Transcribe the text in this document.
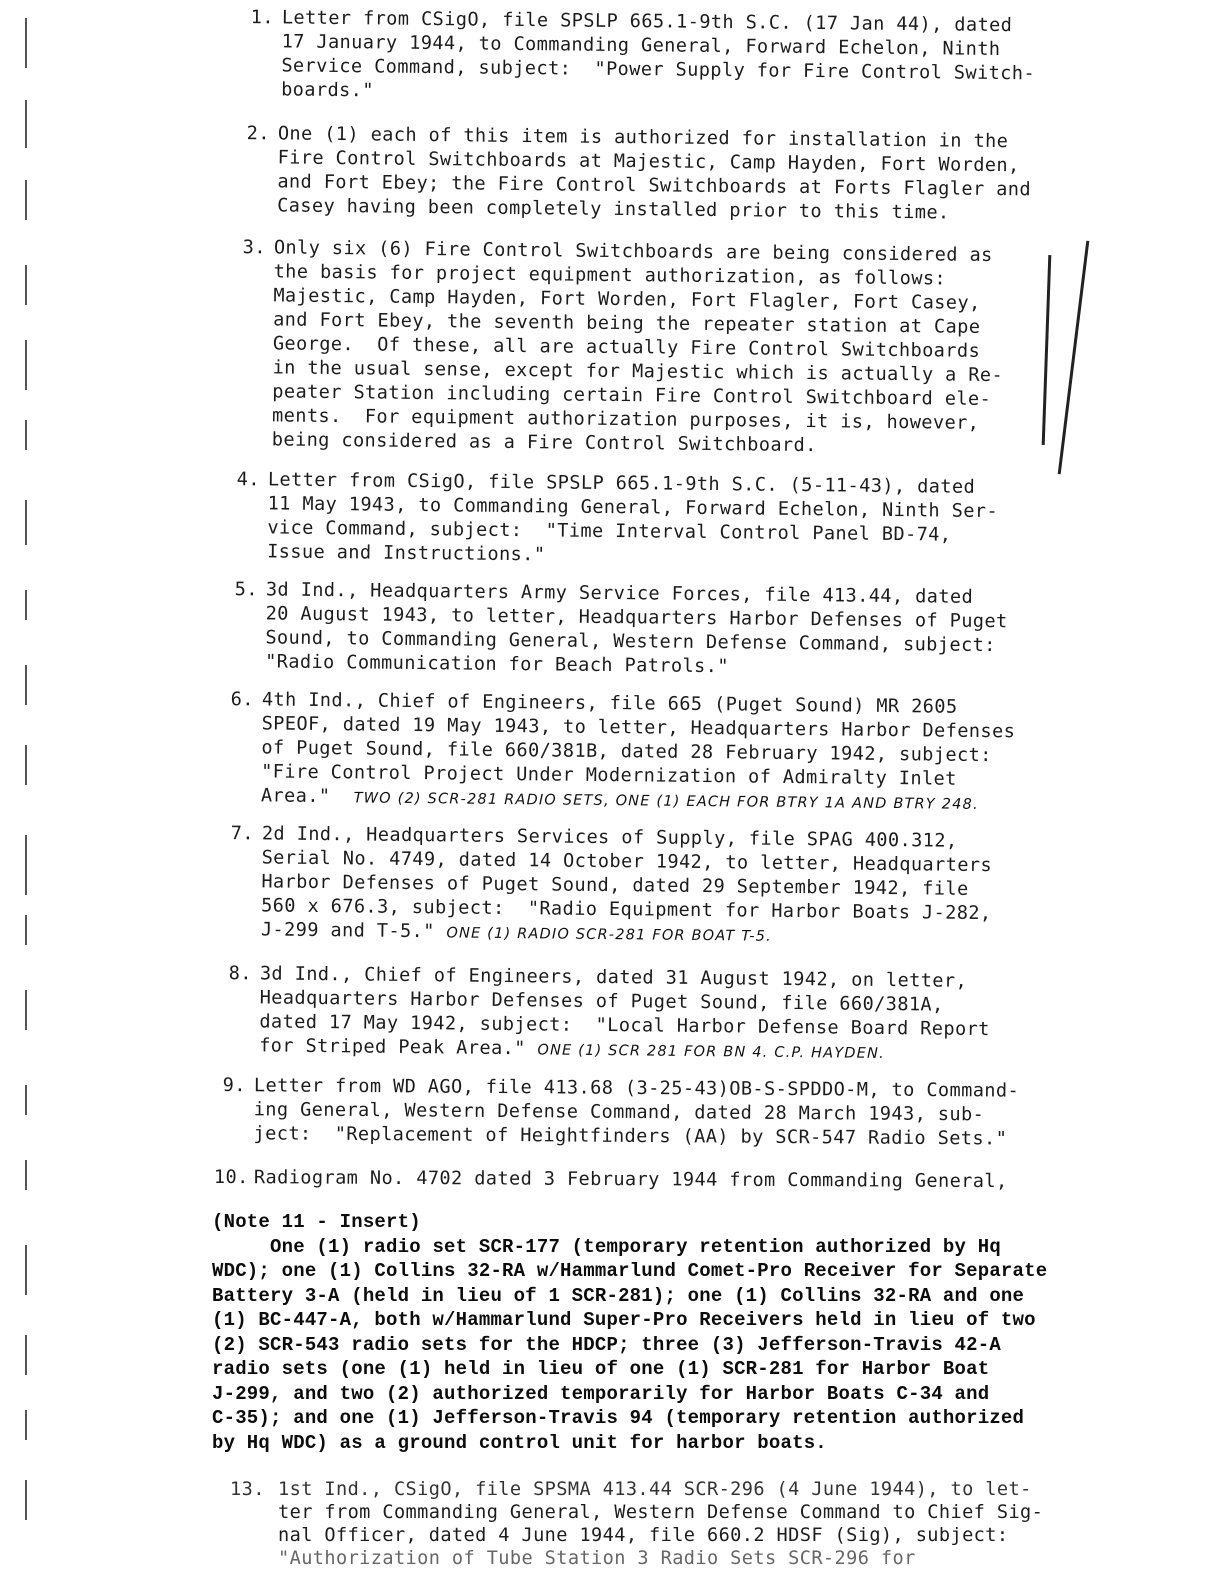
1. Letter from CSigO, file SPSLP 665.1-9th S.C. (17 Jan 44), dated
17 January 1944, to Commanding General, Forward Echelon, Ninth
Service Command, subject:  "Power Supply for Fire Control Switch-
boards."
2. One (1) each of this item is authorized for installation in the
Fire Control Switchboards at Majestic, Camp Hayden, Fort Worden,
and Fort Ebey; the Fire Control Switchboards at Forts Flagler and
Casey having been completely installed prior to this time.
3. Only six (6) Fire Control Switchboards are being considered as
the basis for project equipment authorization, as follows:
Majestic, Camp Hayden, Fort Worden, Fort Flagler, Fort Casey,
and Fort Ebey, the seventh being the repeater station at Cape
George.  Of these, all are actually Fire Control Switchboards
in the usual sense, except for Majestic which is actually a Re-
peater Station including certain Fire Control Switchboard ele-
ments.  For equipment authorization purposes, it is, however,
being considered as a Fire Control Switchboard.
4. Letter from CSigO, file SPSLP 665.1-9th S.C. (5-11-43), dated
11 May 1943, to Commanding General, Forward Echelon, Ninth Ser-
vice Command, subject:  "Time Interval Control Panel BD-74,
Issue and Instructions."
5. 3d Ind., Headquarters Army Service Forces, file 413.44, dated
20 August 1943, to letter, Headquarters Harbor Defenses of Puget
Sound, to Commanding General, Western Defense Command, subject:
"Radio Communication for Beach Patrols."
6. 4th Ind., Chief of Engineers, file 665 (Puget Sound) MR 2605
SPEOF, dated 19 May 1943, to letter, Headquarters Harbor Defenses
of Puget Sound, file 660/381B, dated 28 February 1942, subject:
"Fire Control Project Under Modernization of Admiralty Inlet
Area." TWO (2) SCR-281 RADIO SETS, ONE (1) EACH FOR BTRY 1A AND BTRY 248.
7. 2d Ind., Headquarters Services of Supply, file SPAG 400.312,
Serial No. 4749, dated 14 October 1942, to letter, Headquarters
Harbor Defenses of Puget Sound, dated 29 September 1942, file
560 x 676.3, subject:  "Radio Equipment for Harbor Boats J-282,
J-299 and T-5." ONE (1) RADIO SCR-281 FOR BOAT T-5.
8. 3d Ind., Chief of Engineers, dated 31 August 1942, on letter,
Headquarters Harbor Defenses of Puget Sound, file 660/381A,
dated 17 May 1942, subject:  "Local Harbor Defense Board Report
for Striped Peak Area." ONE (1) SCR 281 FOR BN 4. C.P. HAYDEN.
9. Letter from WD AGO, file 413.68 (3-25-43)OB-S-SPDDO-M, to Command-
ing General, Western Defense Command, dated 28 March 1943, sub-
ject:  "Replacement of Heightfinders (AA) by SCR-547 Radio Sets."
10. Radiogram No. 4702 dated 3 February 1944 from Commanding General,
(Note 11 - Insert)
One (1) radio set SCR-177 (temporary retention authorized by Hq
WDC); one (1) Collins 32-RA w/Hammarlund Comet-Pro Receiver for Separate
Battery 3-A (held in lieu of 1 SCR-281); one (1) Collins 32-RA and one
(1) BC-447-A, both w/Hammarlund Super-Pro Receivers held in lieu of two
(2) SCR-543 radio sets for the HDCP; three (3) Jefferson-Travis 42-A
radio sets (one (1) held in lieu of one (1) SCR-281 for Harbor Boat
J-299, and two (2) authorized temporarily for Harbor Boats C-34 and
C-35); and one (1) Jefferson-Travis 94 (temporary retention authorized
by Hq WDC) as a ground control unit for harbor boats.
13. 1st Ind., CSigO, file SPSMA 413.44 SCR-296 (4 June 1944), to let-
ter from Commanding General, Western Defense Command to Chief Sig-
nal Officer, dated 4 June 1944, file 660.2 HDSF (Sig), subject:
"Authorization of Tube Station 3 Radio Sets SCR-296 for
